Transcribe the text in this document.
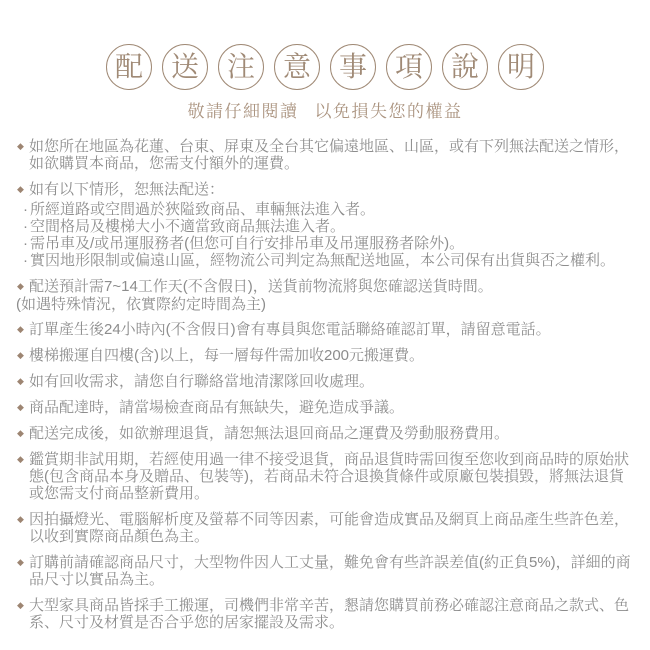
配 送 注 意 事 項 說 明
敬請仔細閱讀 以免損失您的權益
◆ 如您所在地區為花蓮、台東、屏東及全台其它偏遠地區、山區，或有下列無法配送之情形，如欲購買本商品，您需支付額外的運費。
◆ 如有以下情形，恕無法配送：
· 所經道路或空間過於狹隘致商品、車輛無法進入者。
· 空間格局及樓梯大小不適當致商品無法進入者。
· 需吊車及/或吊運服務者(但您可自行安排吊車及吊運服務者除外)。
· 實因地形限制或偏遠山區，經物流公司判定為無配送地區，本公司保有出貨與否之權利。
◆ 配送預計需7~14工作天(不含假日)，送貨前物流將與您確認送貨時間。
(如遇特殊情況，依實際約定時間為主)
◆ 訂單產生後24小時內(不含假日)會有專員與您電話聯絡確認訂單，請留意電話。
◆ 樓梯搬運自四樓(含)以上，每一層每件需加收200元搬運費。
◆ 如有回收需求，請您自行聯絡當地清潔隊回收處理。
◆ 商品配達時，請當場檢查商品有無缺失，避免造成爭議。
◆ 配送完成後，如欲辦理退貨，請恕無法退回商品之運費及勞動服務費用。
◆ 鑑賞期非試用期，若經使用過一律不接受退貨，商品退貨時需回復至您收到商品時的原始狀態(包含商品本身及贈品、包裝等)，若商品未符合退換貨條件或原廠包裝損毀，將無法退貨或您需支付商品整新費用。
◆ 因拍攝燈光、電腦解析度及螢幕不同等因素，可能會造成實品及網頁上商品產生些許色差，以收到實際商品顏色為主。
◆ 訂購前請確認商品尺寸，大型物件因人工丈量，難免會有些許誤差值(約正負5%)，詳細的商品尺寸以實品為主。
◆ 大型家具商品皆採手工搬運，司機們非常辛苦，懇請您購買前務必確認注意商品之款式、色系、尺寸及材質是否合乎您的居家擺設及需求。
